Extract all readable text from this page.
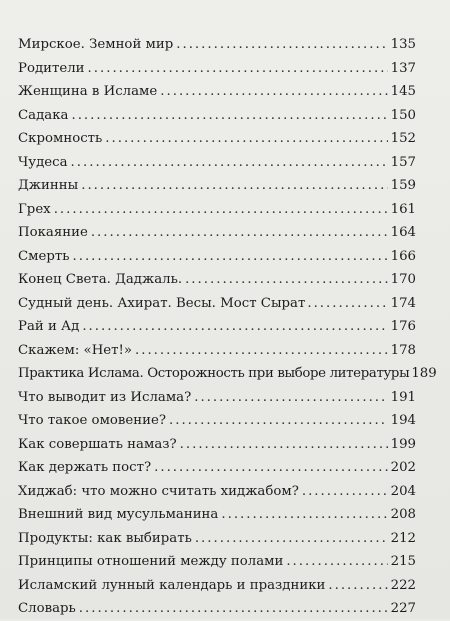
Мирское. Земной мир .....	135
Родители .....	137
Женщина в Исламе .....	145
Садака .....	150
Скромность .....	152
Чудеса .....	157
Джинны .....	159
Грех .....	161
Покаяние .....	164
Смерть .....	166
Конец Света. Даджаль. .....	170
Судный день. Ахират. Весы. Мост Сырат .....	174
Рай и Ад .....	176
Скажем: «Нет!» .....	178
Практика Ислама. Осторожность при выборе литературы 189
Что выводит из Ислама? .....	191
Что такое омовение? .....	194
Как совершать намаз? .....	199
Как держать пост? .....	202
Хиджаб: что можно считать хиджабом? .....	204
Внешний вид мусульманина .....	208
Продукты: как выбирать .....	212
Принципы отношений между полами .....	215
Исламский лунный календарь и праздники .....	222
Словарь .....	227
